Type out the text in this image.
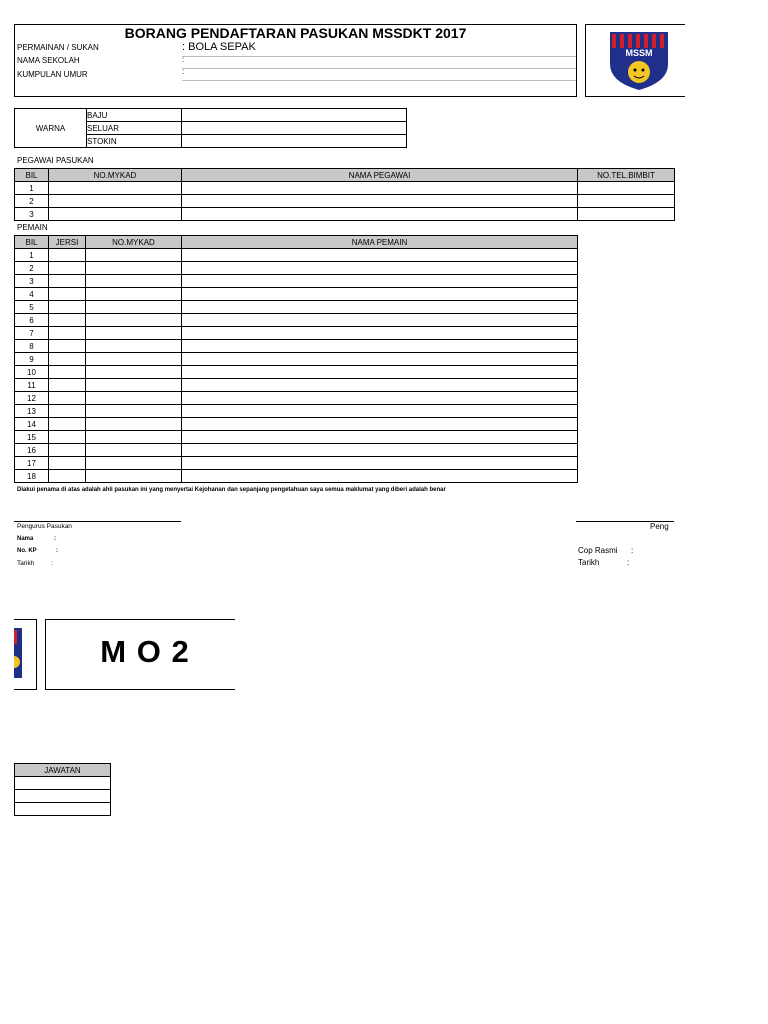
BORANG PENDAFTARAN PASUKAN MSSDKT 2017
PERMAINAN / SUKAN	: BOLA SEPAK
NAMA SEKOLAH	:
KUMPULAN UMUR	:
MSSM
WARNA	BAJU	
	SELUAR	
	STOKIN	
PEGAWAI PASUKAN
BIL	NO.MYKAD	NAMA PEGAWAI	NO.TEL.BIMBIT
1			
2			
3			
PEMAIN
BIL	JERSI	NO.MYKAD	NAMA PEMAIN
1			
2			
3			
4			
5			
6			
7			
8			
9			
10			
11			
12			
13			
14			
15			
16			
17			
18			
Diakui penama di atas adalah ahli pasukan ini yang menyertai Kejohanan dan sepanjang pengetahuan saya semua maklumat yang diberi adalah benar
Pengurus Pasukan
Nama	:
No. KP	:
Tarikh	:
Peng
Cop Rasmi :
Tarikh	:
M O 2
JAWATAN
